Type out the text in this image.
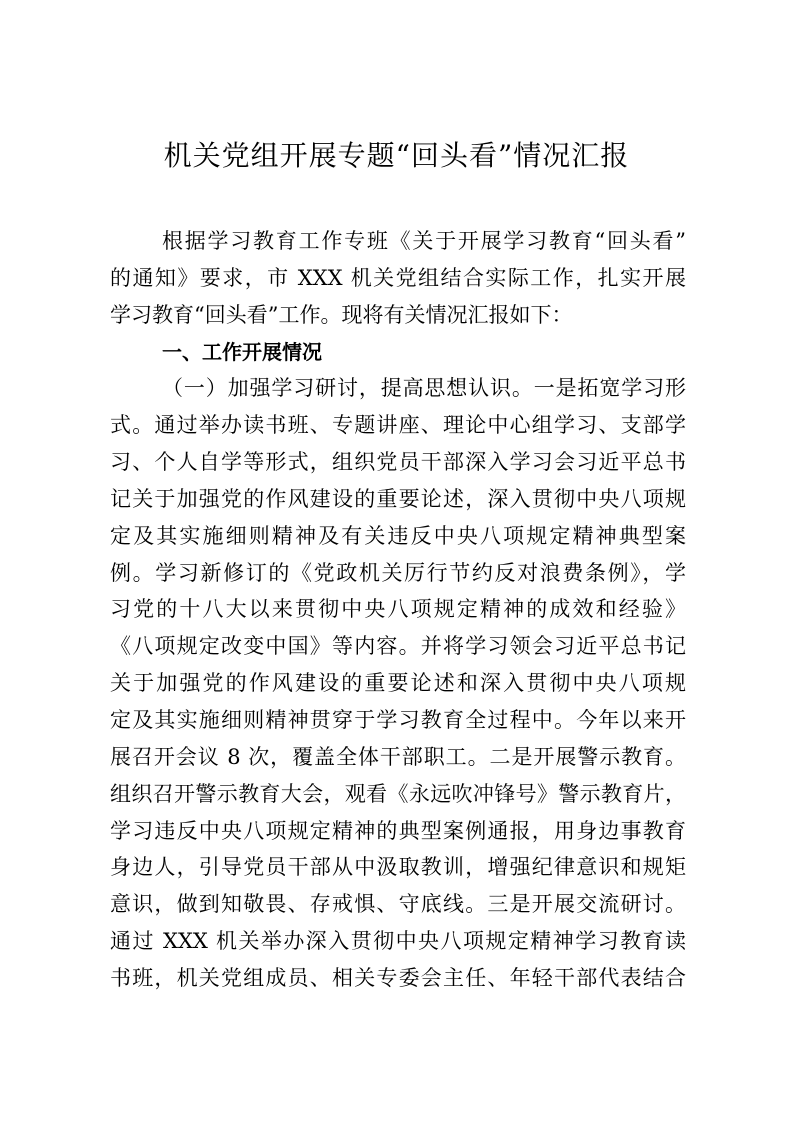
机关党组开展专题“回头看”情况汇报
根据学习教育工作专班《关于开展学习教育“回头看”
的通知》要求，市 XXX 机关党组结合实际工作，扎实开展
学习教育“回头看”工作。现将有关情况汇报如下：
一、工作开展情况
（一）加强学习研讨，提高思想认识。一是拓宽学习形
式。通过举办读书班、专题讲座、理论中心组学习、支部学
习、个人自学等形式，组织党员干部深入学习会习近平总书
记关于加强党的作风建设的重要论述，深入贯彻中央八项规
定及其实施细则精神及有关违反中央八项规定精神典型案
例。学习新修订的《党政机关厉行节约反对浪费条例》，学
习党的十八大以来贯彻中央八项规定精神的成效和经验》
《八项规定改变中国》等内容。并将学习领会习近平总书记
关于加强党的作风建设的重要论述和深入贯彻中央八项规
定及其实施细则精神贯穿于学习教育全过程中。今年以来开
展召开会议 8 次，覆盖全体干部职工。二是开展警示教育。
组织召开警示教育大会，观看《永远吹冲锋号》警示教育片，
学习违反中央八项规定精神的典型案例通报，用身边事教育
身边人，引导党员干部从中汲取教训，增强纪律意识和规矩
意识，做到知敬畏、存戒惧、守底线。三是开展交流研讨。
通过 XXX 机关举办深入贯彻中央八项规定精神学习教育读
书班，机关党组成员、相关专委会主任、年轻干部代表结合
